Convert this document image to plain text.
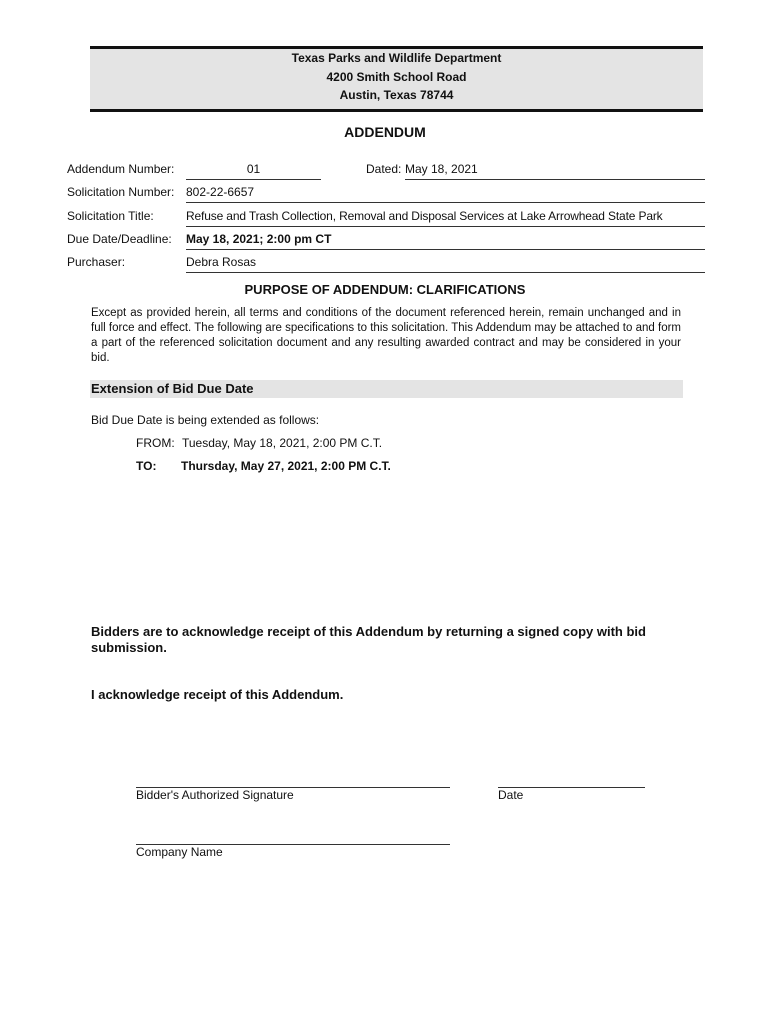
Texas Parks and Wildlife Department
4200 Smith School Road
Austin, Texas 78744
ADDENDUM
Addendum Number:	01	Dated: May 18, 2021
Solicitation Number: 802-22-6657
Solicitation Title:	Refuse and Trash Collection, Removal and Disposal Services at Lake Arrowhead State Park
Due Date/Deadline: May 18, 2021; 2:00 pm CT
Purchaser:	Debra Rosas
PURPOSE OF ADDENDUM: CLARIFICATIONS
Except as provided herein, all terms and conditions of the document referenced herein, remain unchanged and in full force and effect. The following are specifications to this solicitation. This Addendum may be attached to and form a part of the referenced solicitation document and any resulting awarded contract and may be considered in your bid.
Extension of Bid Due Date
Bid Due Date is being extended as follows:
FROM: Tuesday, May 18, 2021, 2:00 PM C.T.
TO: Thursday, May 27, 2021, 2:00 PM C.T.
Bidders are to acknowledge receipt of this Addendum by returning a signed copy with bid submission.
I acknowledge receipt of this Addendum.
Bidder's Authorized Signature	Date
Company Name
